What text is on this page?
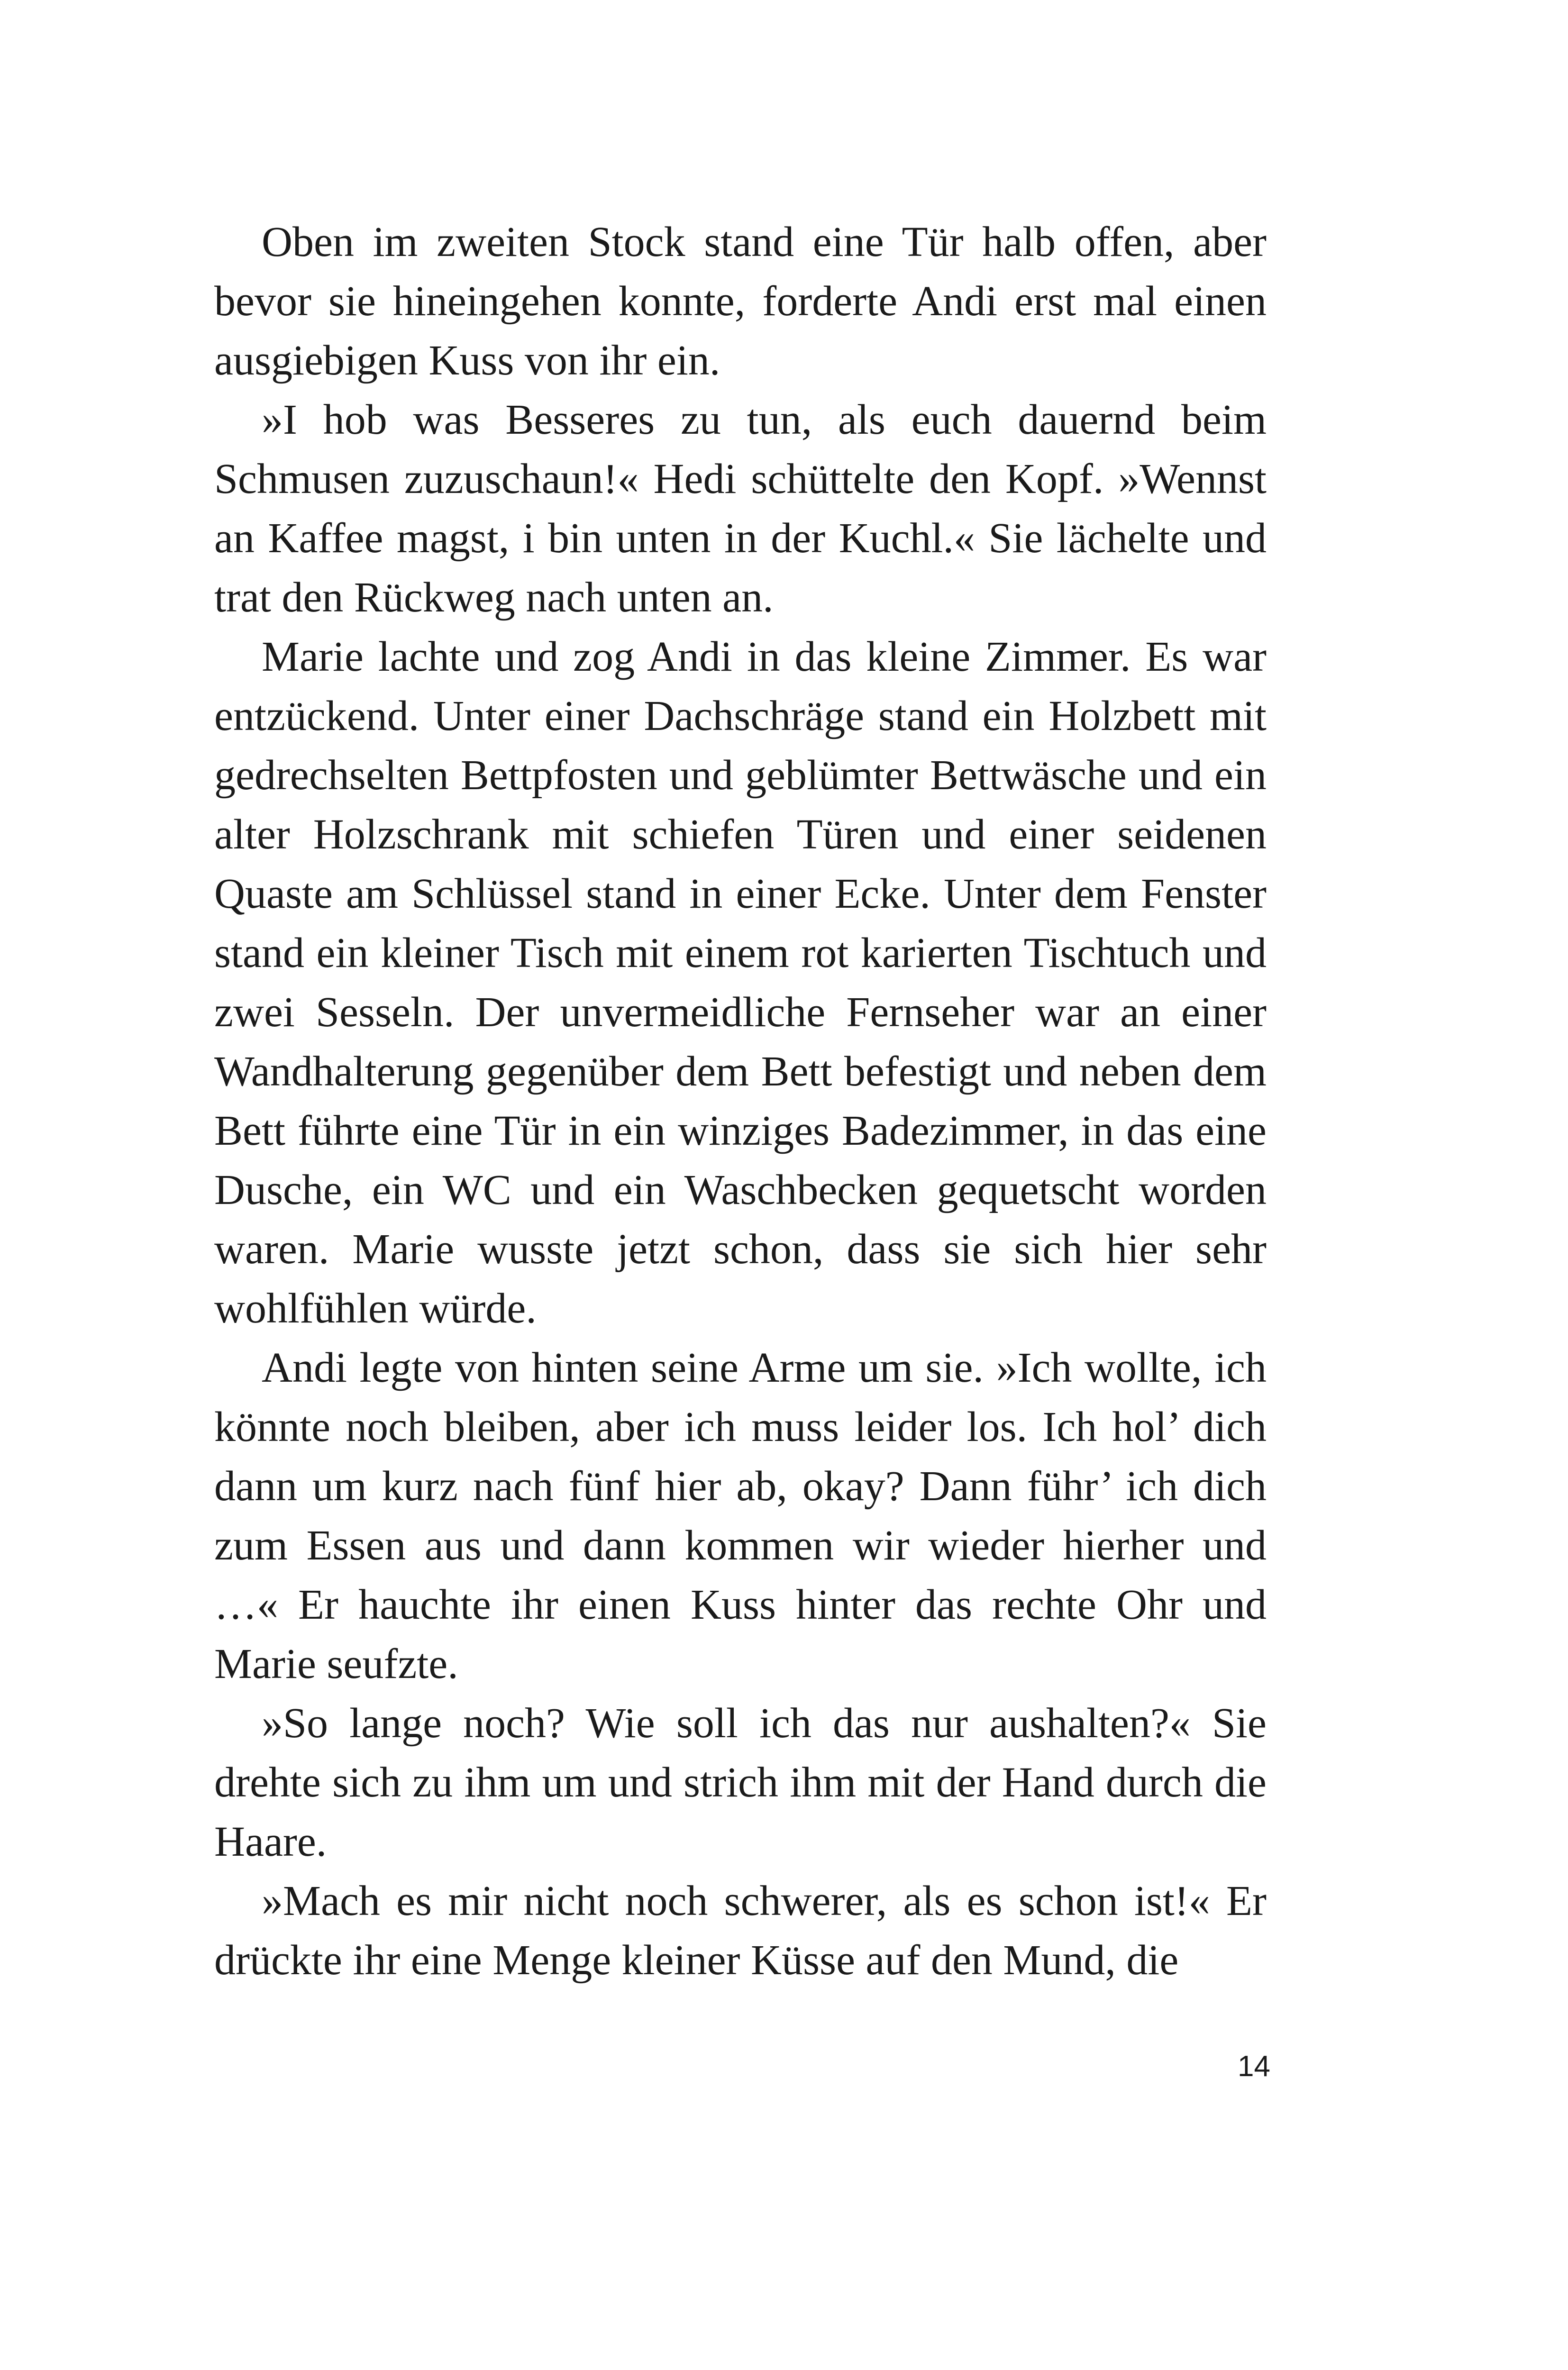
Oben im zweiten Stock stand eine Tür halb offen, aber bevor sie hineingehen konnte, forderte Andi erst mal einen ausgiebigen Kuss von ihr ein.

»I hob was Besseres zu tun, als euch dauernd beim Schmusen zuzuschaun!« Hedi schüttelte den Kopf. »Wennst an Kaffee magst, i bin unten in der Kuchl.« Sie lächelte und trat den Rückweg nach unten an.

Marie lachte und zog Andi in das kleine Zimmer. Es war entzückend. Unter einer Dachschräge stand ein Holzbett mit gedrechselten Bettpfosten und geblümter Bettwäsche und ein alter Holzschrank mit schiefen Türen und einer seidenen Quaste am Schlüssel stand in einer Ecke. Unter dem Fenster stand ein kleiner Tisch mit einem rot karierten Tischtuch und zwei Sesseln. Der unvermeidliche Fernseher war an einer Wandhalterung gegenüber dem Bett befestigt und neben dem Bett führte eine Tür in ein winziges Badezimmer, in das eine Dusche, ein WC und ein Waschbecken gequetscht worden waren. Marie wusste jetzt schon, dass sie sich hier sehr wohlfühlen würde.

Andi legte von hinten seine Arme um sie. »Ich wollte, ich könnte noch bleiben, aber ich muss leider los. Ich hol’ dich dann um kurz nach fünf hier ab, okay? Dann führ’ ich dich zum Essen aus und dann kommen wir wieder hierher und …« Er hauchte ihr einen Kuss hinter das rechte Ohr und Marie seufzte.

»So lange noch? Wie soll ich das nur aushalten?« Sie drehte sich zu ihm um und strich ihm mit der Hand durch die Haare.

»Mach es mir nicht noch schwerer, als es schon ist!« Er drückte ihr eine Menge kleiner Küsse auf den Mund, die

14
